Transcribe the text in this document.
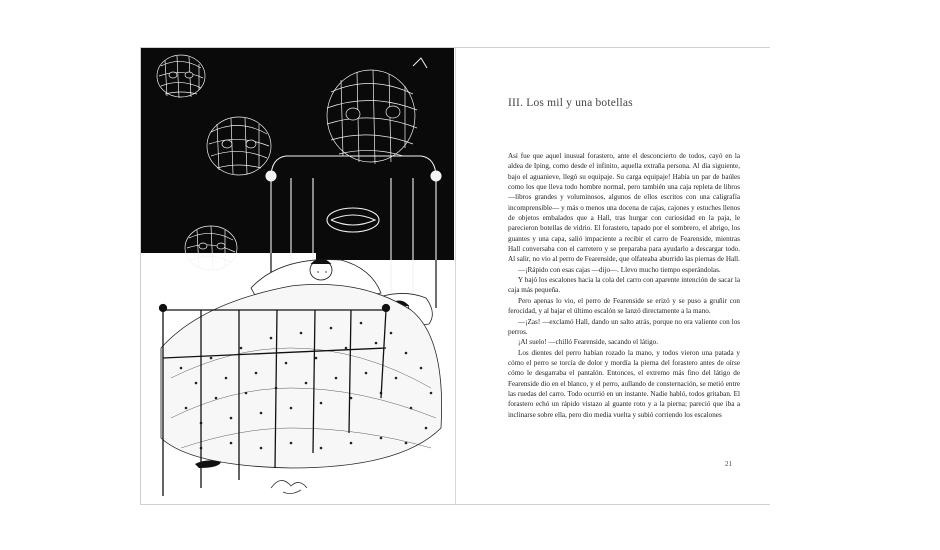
III. Los mil y una botellas

Así fue que aquel inusual forastero, ante el desconcierto de todos, cayó en la aldea de Iping, como desde el infinito, aquella extraña persona. Al día siguiente, bajo el aguanieve, llegó su equipaje. Su carga equipaje! Había un par de baúles como los que lleva todo hombre normal, pero también una caja repleta de libros —libros grandes y voluminosos, algunos de ellos escritos con una caligrafía incomprensible— y más o menos una docena de cajas, cajones y estuches llenos de objetos embalados que a Hall, tras hurgar con curiosidad en la paja, le parecieron botellas de vidrio. El forastero, tapado por el sombrero, el abrigo, los guantes y una capa, salió impaciente a recibir el carro de Fearenside, mientras Hall conversaba con el carretero y se preparaba para ayudarlo a descargar todo. Al salir, no vio al perro de Fearenside, que olfateaba aburrido las piernas de Hall.

—¡Rápido con esas cajas —dijo—. Llevo mucho tiempo esperándolas.

Y bajó los escalones hacia la cola del carro con aparente intención de sacar la caja más pequeña.

Pero apenas lo vio, el perro de Fearenside se erizó y se puso a gruñir con ferocidad, y al bajar el último escalón se lanzó directamente a la mano.

—¡Zas! —exclamó Hall, dando un salto atrás, porque no era valiente con los perros.

¡Al suelo! —chilló Fearenside, sacando el látigo.

Los dientes del perro habían rozado la mano, y todos vieron una patada y cómo el perro se torcía de dolor y mordía la pierna del forastero antes de oírse cómo le desgarraba el pantalón. Entonces, el extremo más fino del látigo de Fearenside dio en el blanco, y el perro, aullando de consternación, se metió entre las ruedas del carro. Todo ocurrió en un instante. Nadie habló, todos gritaban. El forastero echó un rápido vistazo al guante roto y a la pierna; pareció que iba a inclinarse sobre ella, pero dio media vuelta y subió corriendo los escalones

21
